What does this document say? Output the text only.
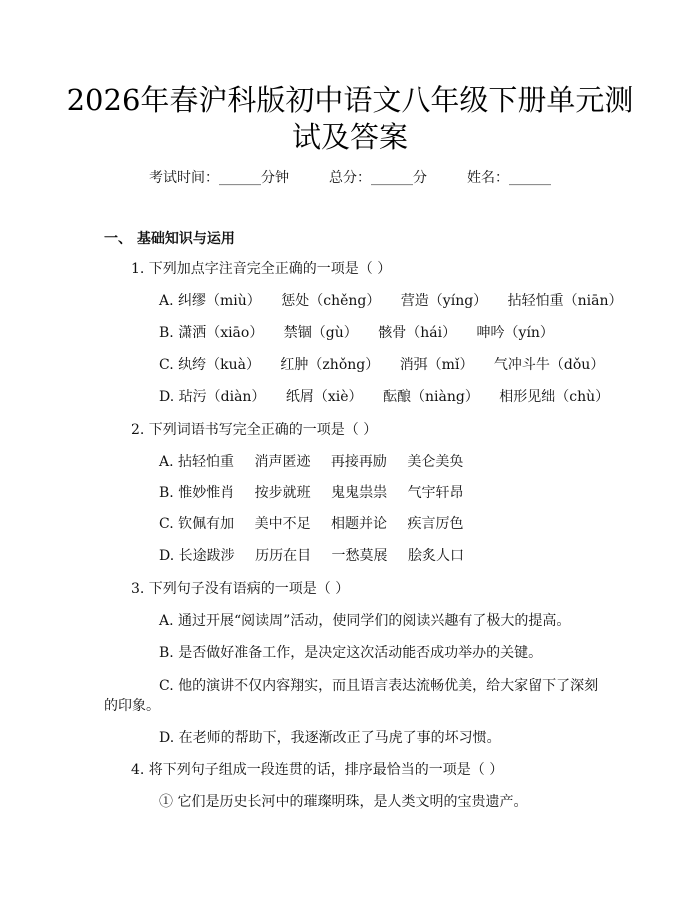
2026年春沪科版初中语文八年级下册单元测
试及答案
考试时间：______分钟	总分：______分	姓名：______
一、 基础知识与运用
1. 下列加点字注音完全正确的一项是（ ）
A. 纠缪（miù） 惩处（chěng） 营造（yíng） 拈轻怕重（niān）
B. 潇洒（xiāo） 禁锢（gù） 骸骨（hái） 呻吟（yín）
C. 纨绔（kuà） 红肿（zhǒng） 消弭（mǐ） 气冲斗牛（dǒu）
D. 玷污（diàn） 纸屑（xiè） 酝酿（niàng） 相形见绌（chù）
2. 下列词语书写完全正确的一项是（ ）
A. 拈轻怕重 消声匿迹 再接再励 美仑美奂
B. 惟妙惟肖 按步就班 鬼鬼祟祟 气宇轩昂
C. 钦佩有加 美中不足 相题并论 疾言厉色
D. 长途跋涉 历历在目 一愁莫展 脍炙人口
3. 下列句子没有语病的一项是（ ）
A. 通过开展“阅读周”活动，使同学们的阅读兴趣有了极大的提高。
B. 是否做好准备工作，是决定这次活动能否成功举办的关键。
C. 他的演讲不仅内容翔实，而且语言表达流畅优美，给大家留下了深刻
的印象。
D. 在老师的帮助下，我逐渐改正了马虎了事的坏习惯。
4. 将下列句子组成一段连贯的话，排序最恰当的一项是（ ）
① 它们是历史长河中的璀璨明珠，是人类文明的宝贵遗产。
